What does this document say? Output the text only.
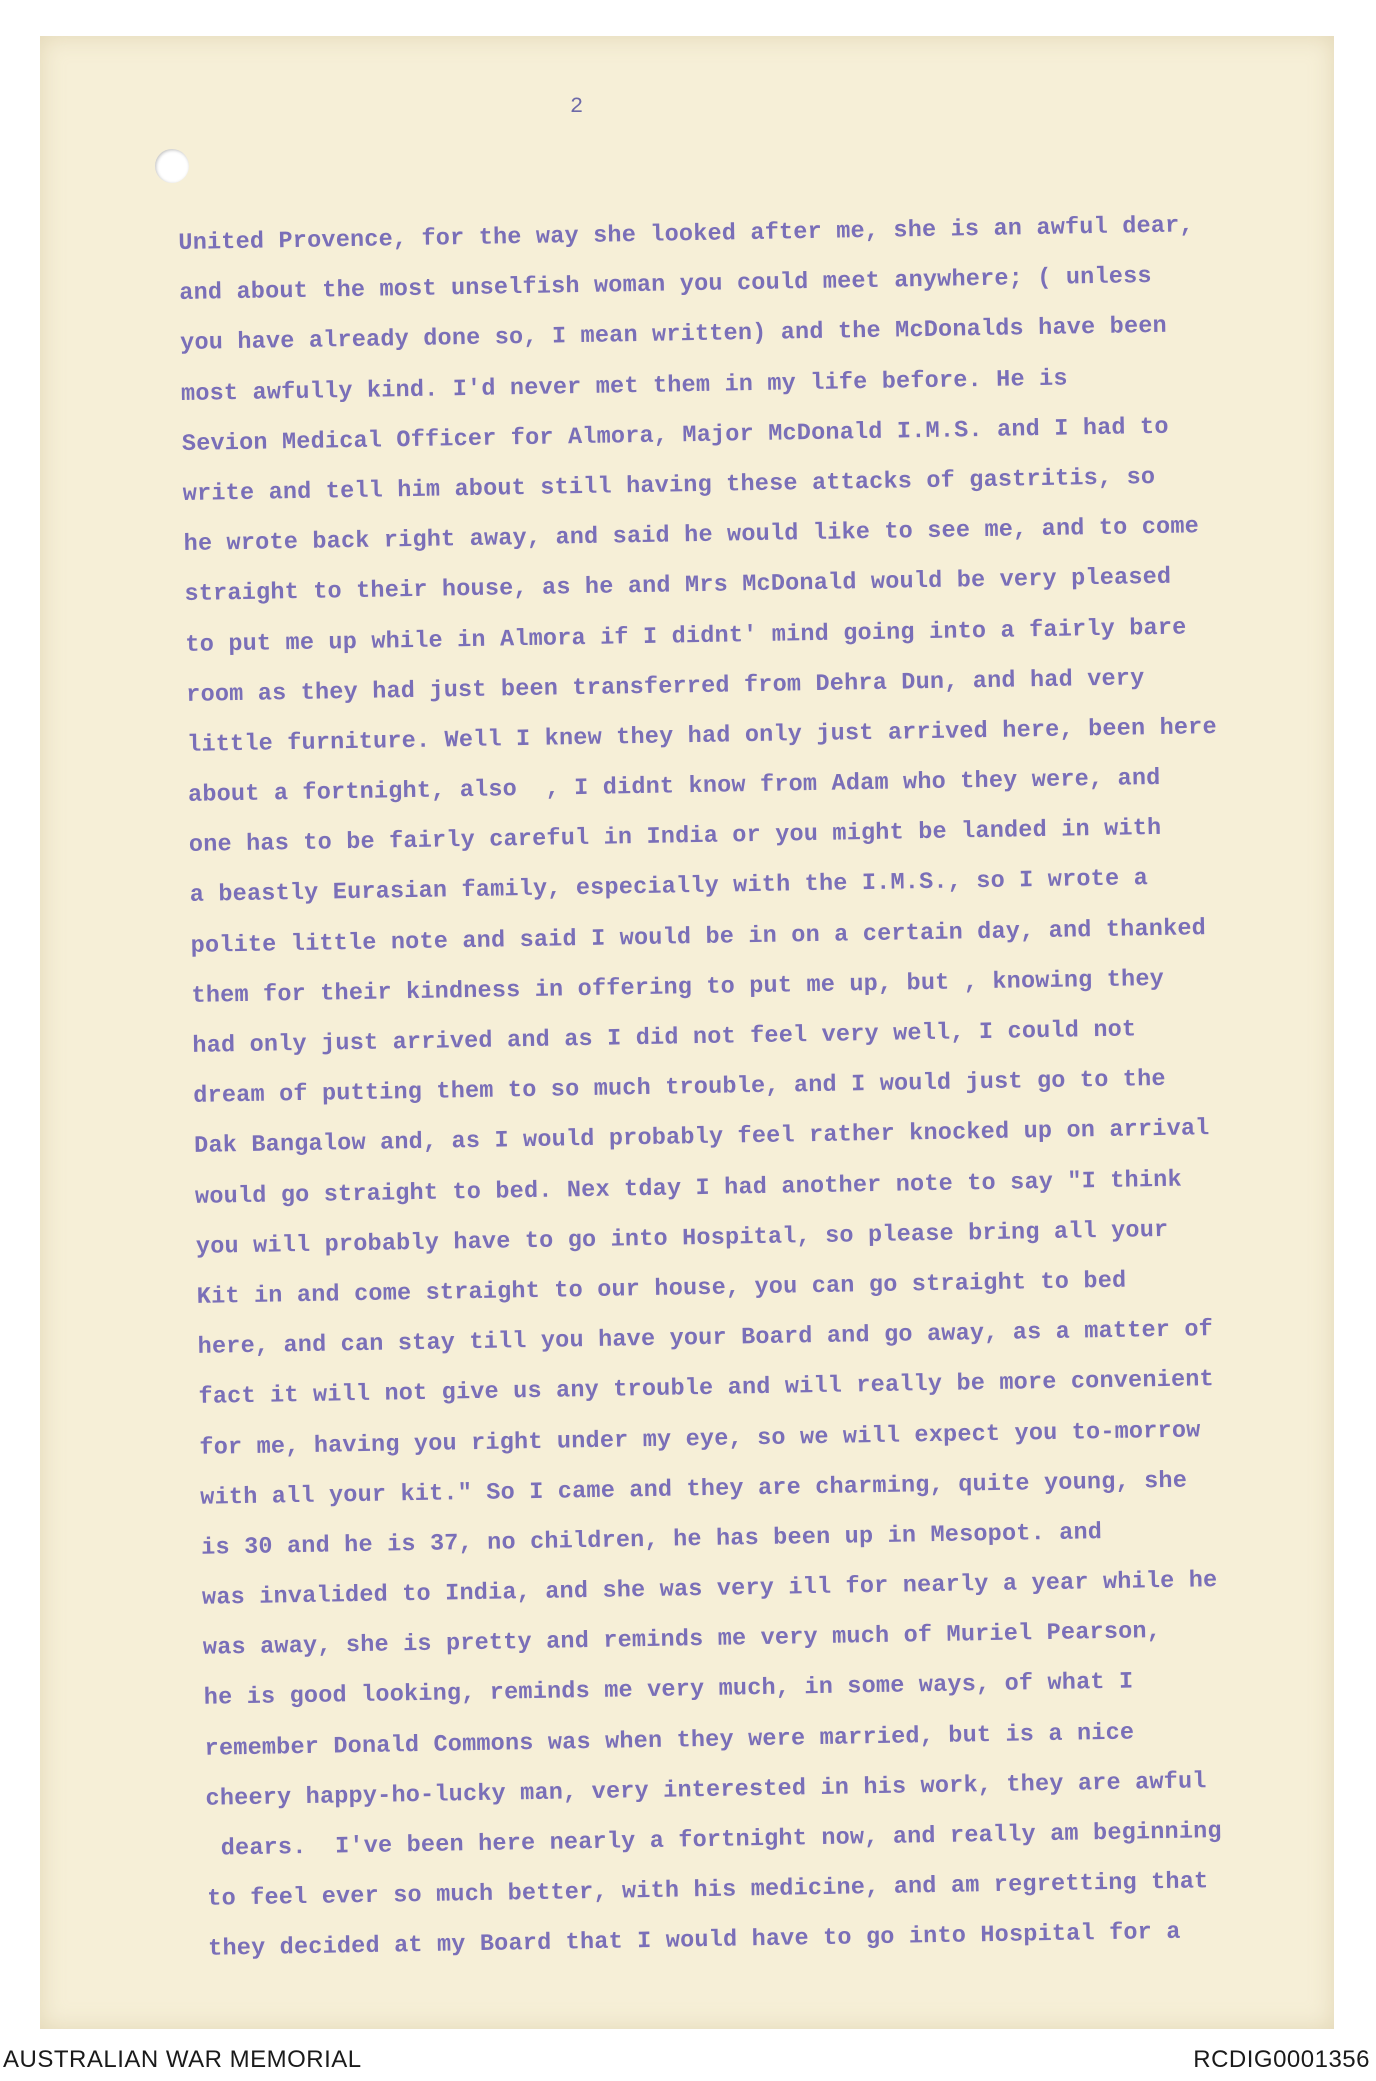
2
United Provence, for the way she looked after me, she is an awful dear,
and about the most unselfish woman you could meet anywhere; ( unless
you have already done so, I mean written) and the McDonalds have been
most awfully kind. I'd never met them in my life before. He is
Sevion Medical Officer for Almora, Major McDonald I.M.S. and I had to
write and tell him about still having these attacks of gastritis, so
he wrote back right away, and said he would like to see me, and to come
straight to their house, as he and Mrs McDonald would be very pleased
to put me up while in Almora if I didnt' mind going into a fairly bare
room as they had just been transferred from Dehra Dun, and had very
little furniture. Well I knew they had only just arrived here, been here
about a fortnight, also  , I didnt know from Adam who they were, and
one has to be fairly careful in India or you might be landed in with
a beastly Eurasian family, especially with the I.M.S., so I wrote a
polite little note and said I would be in on a certain day, and thanked
them for their kindness in offering to put me up, but , knowing they
had only just arrived and as I did not feel very well, I could not
dream of putting them to so much trouble, and I would just go to the
Dak Bangalow and, as I would probably feel rather knocked up on arrival
would go straight to bed. Nex tday I had another note to say "I think
you will probably have to go into Hospital, so please bring all your
Kit in and come straight to our house, you can go straight to bed
here, and can stay till you have your Board and go away, as a matter of
fact it will not give us any trouble and will really be more convenient
for me, having you right under my eye, so we will expect you to-morrow
with all your kit." So I came and they are charming, quite young, she
is 30 and he is 37, no children, he has been up in Mesopot. and
was invalided to India, and she was very ill for nearly a year while he
was away, she is pretty and reminds me very much of Muriel Pearson,
he is good looking, reminds me very much, in some ways, of what I
remember Donald Commons was when they were married, but is a nice
cheery happy-ho-lucky man, very interested in his work, they are awful
dears.  I've been here nearly a fortnight now, and really am beginning
to feel ever so much better, with his medicine, and am regretting that
they decided at my Board that I would have to go into Hospital for a
AUSTRALIAN WAR MEMORIAL	RCDIG0001356
